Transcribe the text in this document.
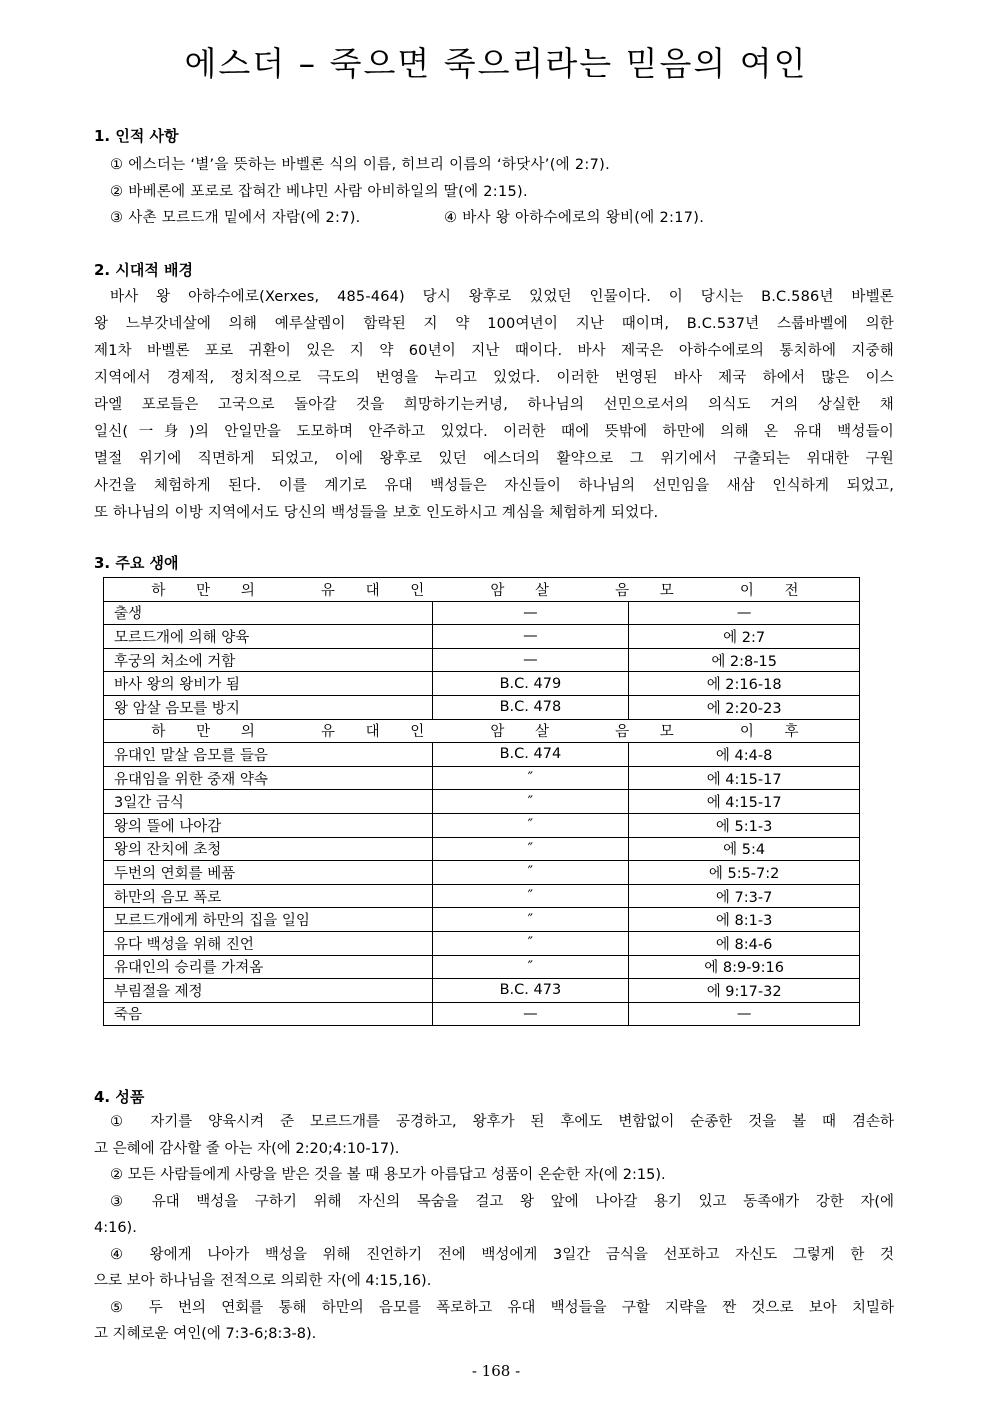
에스더 – 죽으면 죽으리라는 믿음의 여인
1. 인적 사항
① 에스더는 ‘별’을 뜻하는 바벨론 식의 이름, 히브리 이름의 ‘하닷사’(에 2:7).
② 바베론에 포로로 잡혀간 베냐민 사람 아비하일의 딸(에 2:15).
③ 사촌 모르드개 밑에서 자람(에 2:7).	④ 바사 왕 아하수에로의 왕비(에 2:17).
2. 시대적 배경
바사 왕 아하수에로(Xerxes, 485-464) 당시 왕후로 있었던 인물이다. 이 당시는 B.C.586년 바벨론
왕 느부갓네살에 의해 예루살렘이 함락된 지 약 100여년이 지난 때이며, B.C.537년 스룹바벨에 의한
제1차 바벨론 포로 귀환이 있은 지 약 60년이 지난 때이다. 바사 제국은 아하수에로의 통치하에 지중해
지역에서 경제적, 정치적으로 극도의 번영을 누리고 있었다. 이러한 번영된 바사 제국 하에서 많은 이스
라엘 포로들은 고국으로 돌아갈 것을 희망하기는커녕, 하나님의 선민으로서의 의식도 거의 상실한 채
일신(一身)의 안일만을 도모하며 안주하고 있었다. 이러한 때에 뜻밖에 하만에 의해 온 유대 백성들이
멸절 위기에 직면하게 되었고, 이에 왕후로 있던 에스더의 활약으로 그 위기에서 구출되는 위대한 구원
사건을 체험하게 된다. 이를 계기로 유대 백성들은 자신들이 하나님의 선민임을 새삼 인식하게 되었고,
또 하나님의 이방 지역에서도 당신의 백성들을 보호 인도하시고 계심을 체험하게 되었다.
3. 주요 생애
하 만 의   유 대 인   암 살   음 모   이 전		
출생	—	—
모르드개에 의해 양육	—	에 2:7
후궁의 처소에 거함	—	에 2:8-15
바사 왕의 왕비가 됨	B.C. 479	에 2:16-18
왕 암살 음모를 방지	B.C. 478	에 2:20-23
하 만 의   유 대 인   암 살   음 모   이 후		
유대인 말살 음모를 들음	B.C. 474	에 4:4-8
유대임을 위한 중재 약속	″	에 4:15-17
3일간 금식	″	에 4:15-17
왕의 뜰에 나아감	″	에 5:1-3
왕의 잔치에 초청	″	에 5:4
두번의 연회를 베품	″	에 5:5-7:2
하만의 음모 폭로	″	에 7:3-7
모르드개에게 하만의 집을 일임	″	에 8:1-3
유다 백성을 위해 진언	″	에 8:4-6
유대인의 승리를 가져옴	″	에 8:9-9:16
부림절을 제정	B.C. 473	에 9:17-32
죽음	—	—
4. 성품
① 자기를 양육시켜 준 모르드개를 공경하고, 왕후가 된 후에도 변함없이 순종한 것을 볼 때 겸손하
고 은혜에 감사할 줄 아는 자(에 2:20;4:10-17).
② 모든 사람들에게 사랑을 받은 것을 볼 때 용모가 아름답고 성품이 온순한 자(에 2:15).
③ 유대 백성을 구하기 위해 자신의 목숨을 걸고 왕 앞에 나아갈 용기 있고 동족애가 강한 자(에
4:16).
④ 왕에게 나아가 백성을 위해 진언하기 전에 백성에게 3일간 금식을 선포하고 자신도 그렇게 한 것
으로 보아 하나님을 전적으로 의뢰한 자(에 4:15,16).
⑤ 두 번의 연회를 통해 하만의 음모를 폭로하고 유대 백성들을 구할 지략을 짠 것으로 보아 치밀하
고 지혜로운 여인(에 7:3-6;8:3-8).
- 168 -
